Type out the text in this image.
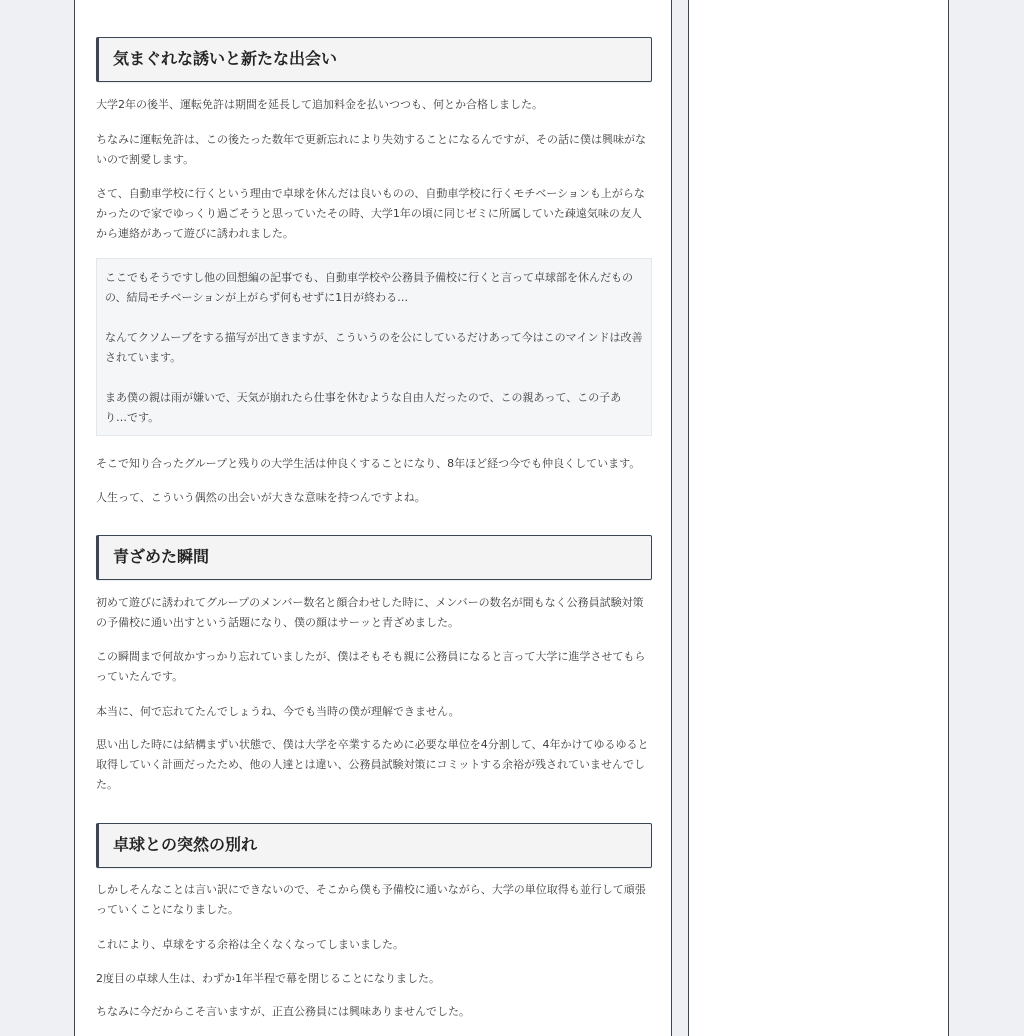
気まぐれな誘いと新たな出会い

大学2年の後半、運転免許は期間を延長して追加料金を払いつつも、何とか合格しました。

ちなみに運転免許は、この後たった数年で更新忘れにより失効することになるんですが、その話に僕は興味がないので割愛します。

さて、自動車学校に行くという理由で卓球を休んだは良いものの、自動車学校に行くモチベーションも上がらなかったので家でゆっくり過ごそうと思っていたその時、大学1年の頃に同じゼミに所属していた疎遠気味の友人から連絡があって遊びに誘われました。

ここでもそうですし他の回想編の記事でも、自動車学校や公務員予備校に行くと言って卓球部を休んだものの、結局モチベーションが上がらず何もせずに1日が終わる…

なんてクソムーブをする描写が出てきますが、こういうのを公にしているだけあって今はこのマインドは改善されています。

まあ僕の親は雨が嫌いで、天気が崩れたら仕事を休むような自由人だったので、この親あって、この子あり…です。

そこで知り合ったグループと残りの大学生活は仲良くすることになり、8年ほど経つ今でも仲良くしています。

人生って、こういう偶然の出会いが大きな意味を持つんですよね。

青ざめた瞬間

初めて遊びに誘われてグループのメンバー数名と顔合わせした時に、メンバーの数名が間もなく公務員試験対策の予備校に通い出すという話題になり、僕の顔はサーッと青ざめました。

この瞬間まで何故かすっかり忘れていましたが、僕はそもそも親に公務員になると言って大学に進学させてもらっていたんです。

本当に、何で忘れてたんでしょうね、今でも当時の僕が理解できません。

思い出した時には結構まずい状態で、僕は大学を卒業するために必要な単位を4分割して、4年かけてゆるゆると取得していく計画だったため、他の人達とは違い、公務員試験対策にコミットする余裕が残されていませんでした。

卓球との突然の別れ

しかしそんなことは言い訳にできないので、そこから僕も予備校に通いながら、大学の単位取得も並行して頑張っていくことになりました。

これにより、卓球をする余裕は全くなくなってしまいました。

2度目の卓球人生は、わずか1年半程で幕を閉じることになりました。

ちなみに今だからこそ言いますが、正直公務員には興味ありませんでした。
